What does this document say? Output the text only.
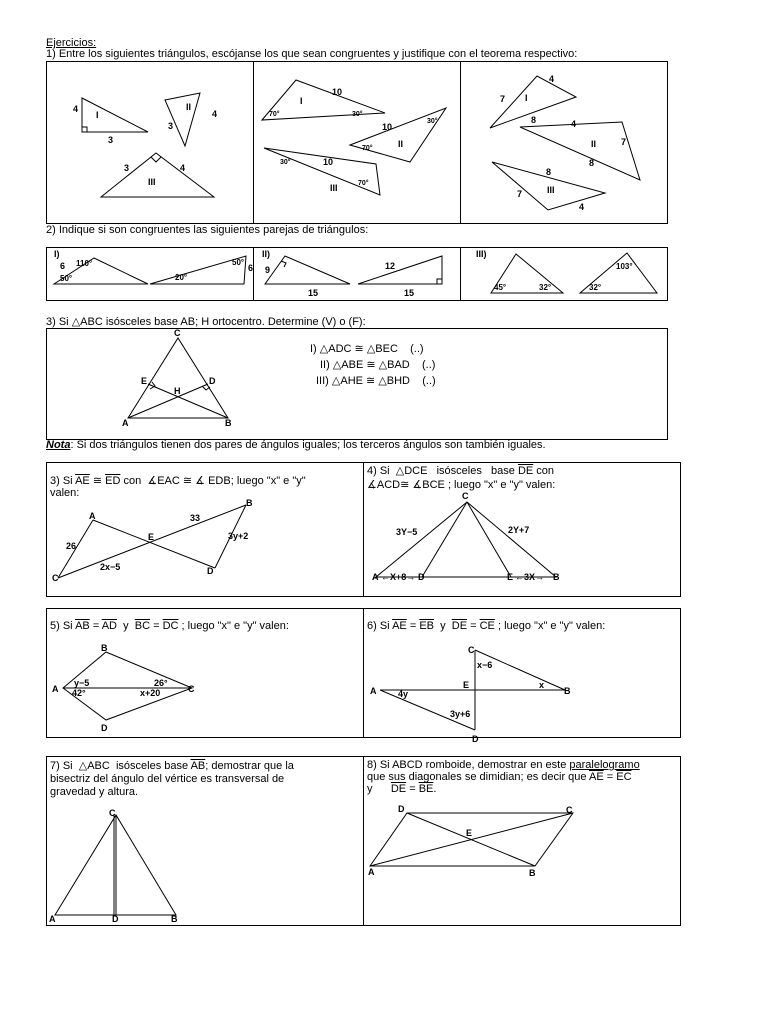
Ejercicios:
1) Entre los siguientes triángulos, escójanse los que sean congruentes y justifique con el teorema respectivo:
2) Indique si son congruentes las siguientes parejas de triángulos:
3) Si △ABC isósceles base AB; H ortocentro. Determine (V) o (F):
I) △ADC ≅ △BEC (..)
II) △ABE ≅ △BAD (..)
III) △AHE ≅ △BHD (..)
Nota: Si dos triángulos tienen dos pares de ángulos iguales; los terceros ángulos son también iguales.
3) Si $\overline{AE}$ ≅ $\overline{ED}$ con  ∡EAC ≅ ∡ EDB; luego "x" e "y"
valen:
4) Si  △DCE isósceles base $\overline{DE}$ con
∡ACD≅ ∡BCE ; luego "x" e "y" valen:
5) Si $\overline{AB} = \overline{AD}$ y $\overline{BC} = \overline{DC}$ ; luego "x" e "y" valen:	6) Si $\overline{AE} = \overline{EB}$ y $\overline{DE} = \overline{CE}$ ; luego "x" e "y" valen:
7) Si  △ABC isósceles base $\overline{AB}$; demostrar que la
bisectriz del ángulo del vértice es transversal de
gravedad y altura.
8) Si ABCD romboide, demostrar en este paralelogramo
que sus diagonales se dimidian; es decir que $\overline{AE} = \overline{EC}$
y $\overline{DE} = \overline{BE}$.
4
3
I
II
3
4
III
3	4
I
10
70°	30°
10
30°
70°	II
30°	10
III	70°
4
7 I
8	4
7
II
8
8
III
7
4
I)
6 110°
50°	20°
50°
6
II)
9
15
12
15
III)
45°	32°
103°
32°
C
E	D
H
A	B
A
B
C
D
E
26
33
3y+2
2x−5
C
A	D	E	B
3Y−5	2Y+7
←X+8→	←3X→
A
B
C
D
y−5	26°
42°	x+20	A	B
C
D
E
x−6
x
4y
3y+6
C
A	D	B
A	B
C
D
E
